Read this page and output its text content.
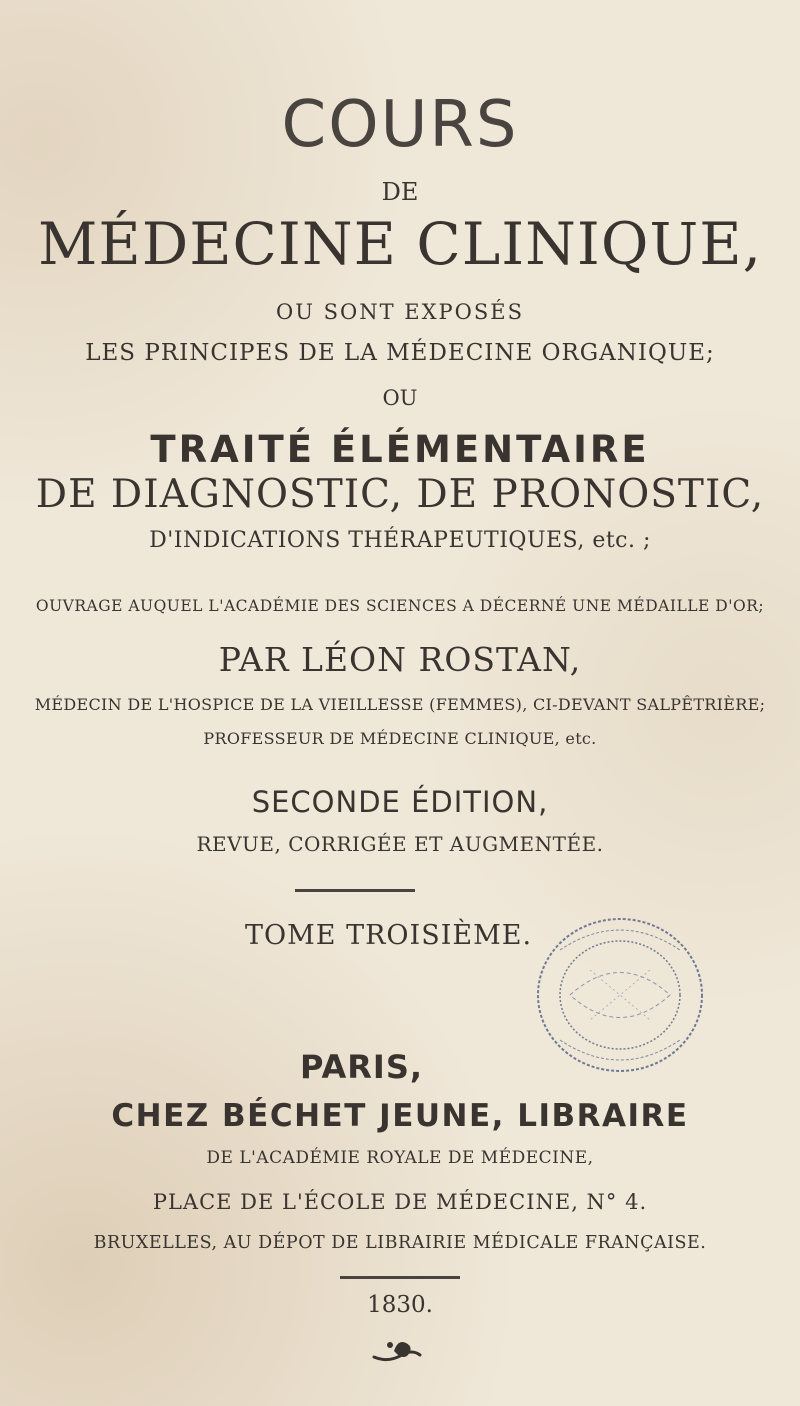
COURS
DE
MÉDECINE CLINIQUE,
OU SONT EXPOSÉS
LES PRINCIPES DE LA MÉDECINE ORGANIQUE;
OU
TRAITÉ ÉLÉMENTAIRE
DE DIAGNOSTIC, DE PRONOSTIC,
D'INDICATIONS THÉRAPEUTIQUES, etc. ;
OUVRAGE AUQUEL L'ACADÉMIE DES SCIENCES A DÉCERNÉ UNE MÉDAILLE D'OR;
PAR LÉON ROSTAN,
MÉDECIN DE L'HOSPICE DE LA VIEILLESSE (FEMMES), CI-DEVANT SALPÊTRIÈRE;
PROFESSEUR DE MÉDECINE CLINIQUE, etc.
SECONDE ÉDITION,
REVUE, CORRIGÉE ET AUGMENTÉE.
TOME TROISIÈME.
PARIS,
CHEZ BÉCHET JEUNE, LIBRAIRE
DE L'ACADÉMIE ROYALE DE MÉDECINE,
PLACE DE L'ÉCOLE DE MÉDECINE, N° 4.
BRUXELLES, AU DÉPOT DE LIBRAIRIE MÉDICALE FRANÇAISE.
1830.
